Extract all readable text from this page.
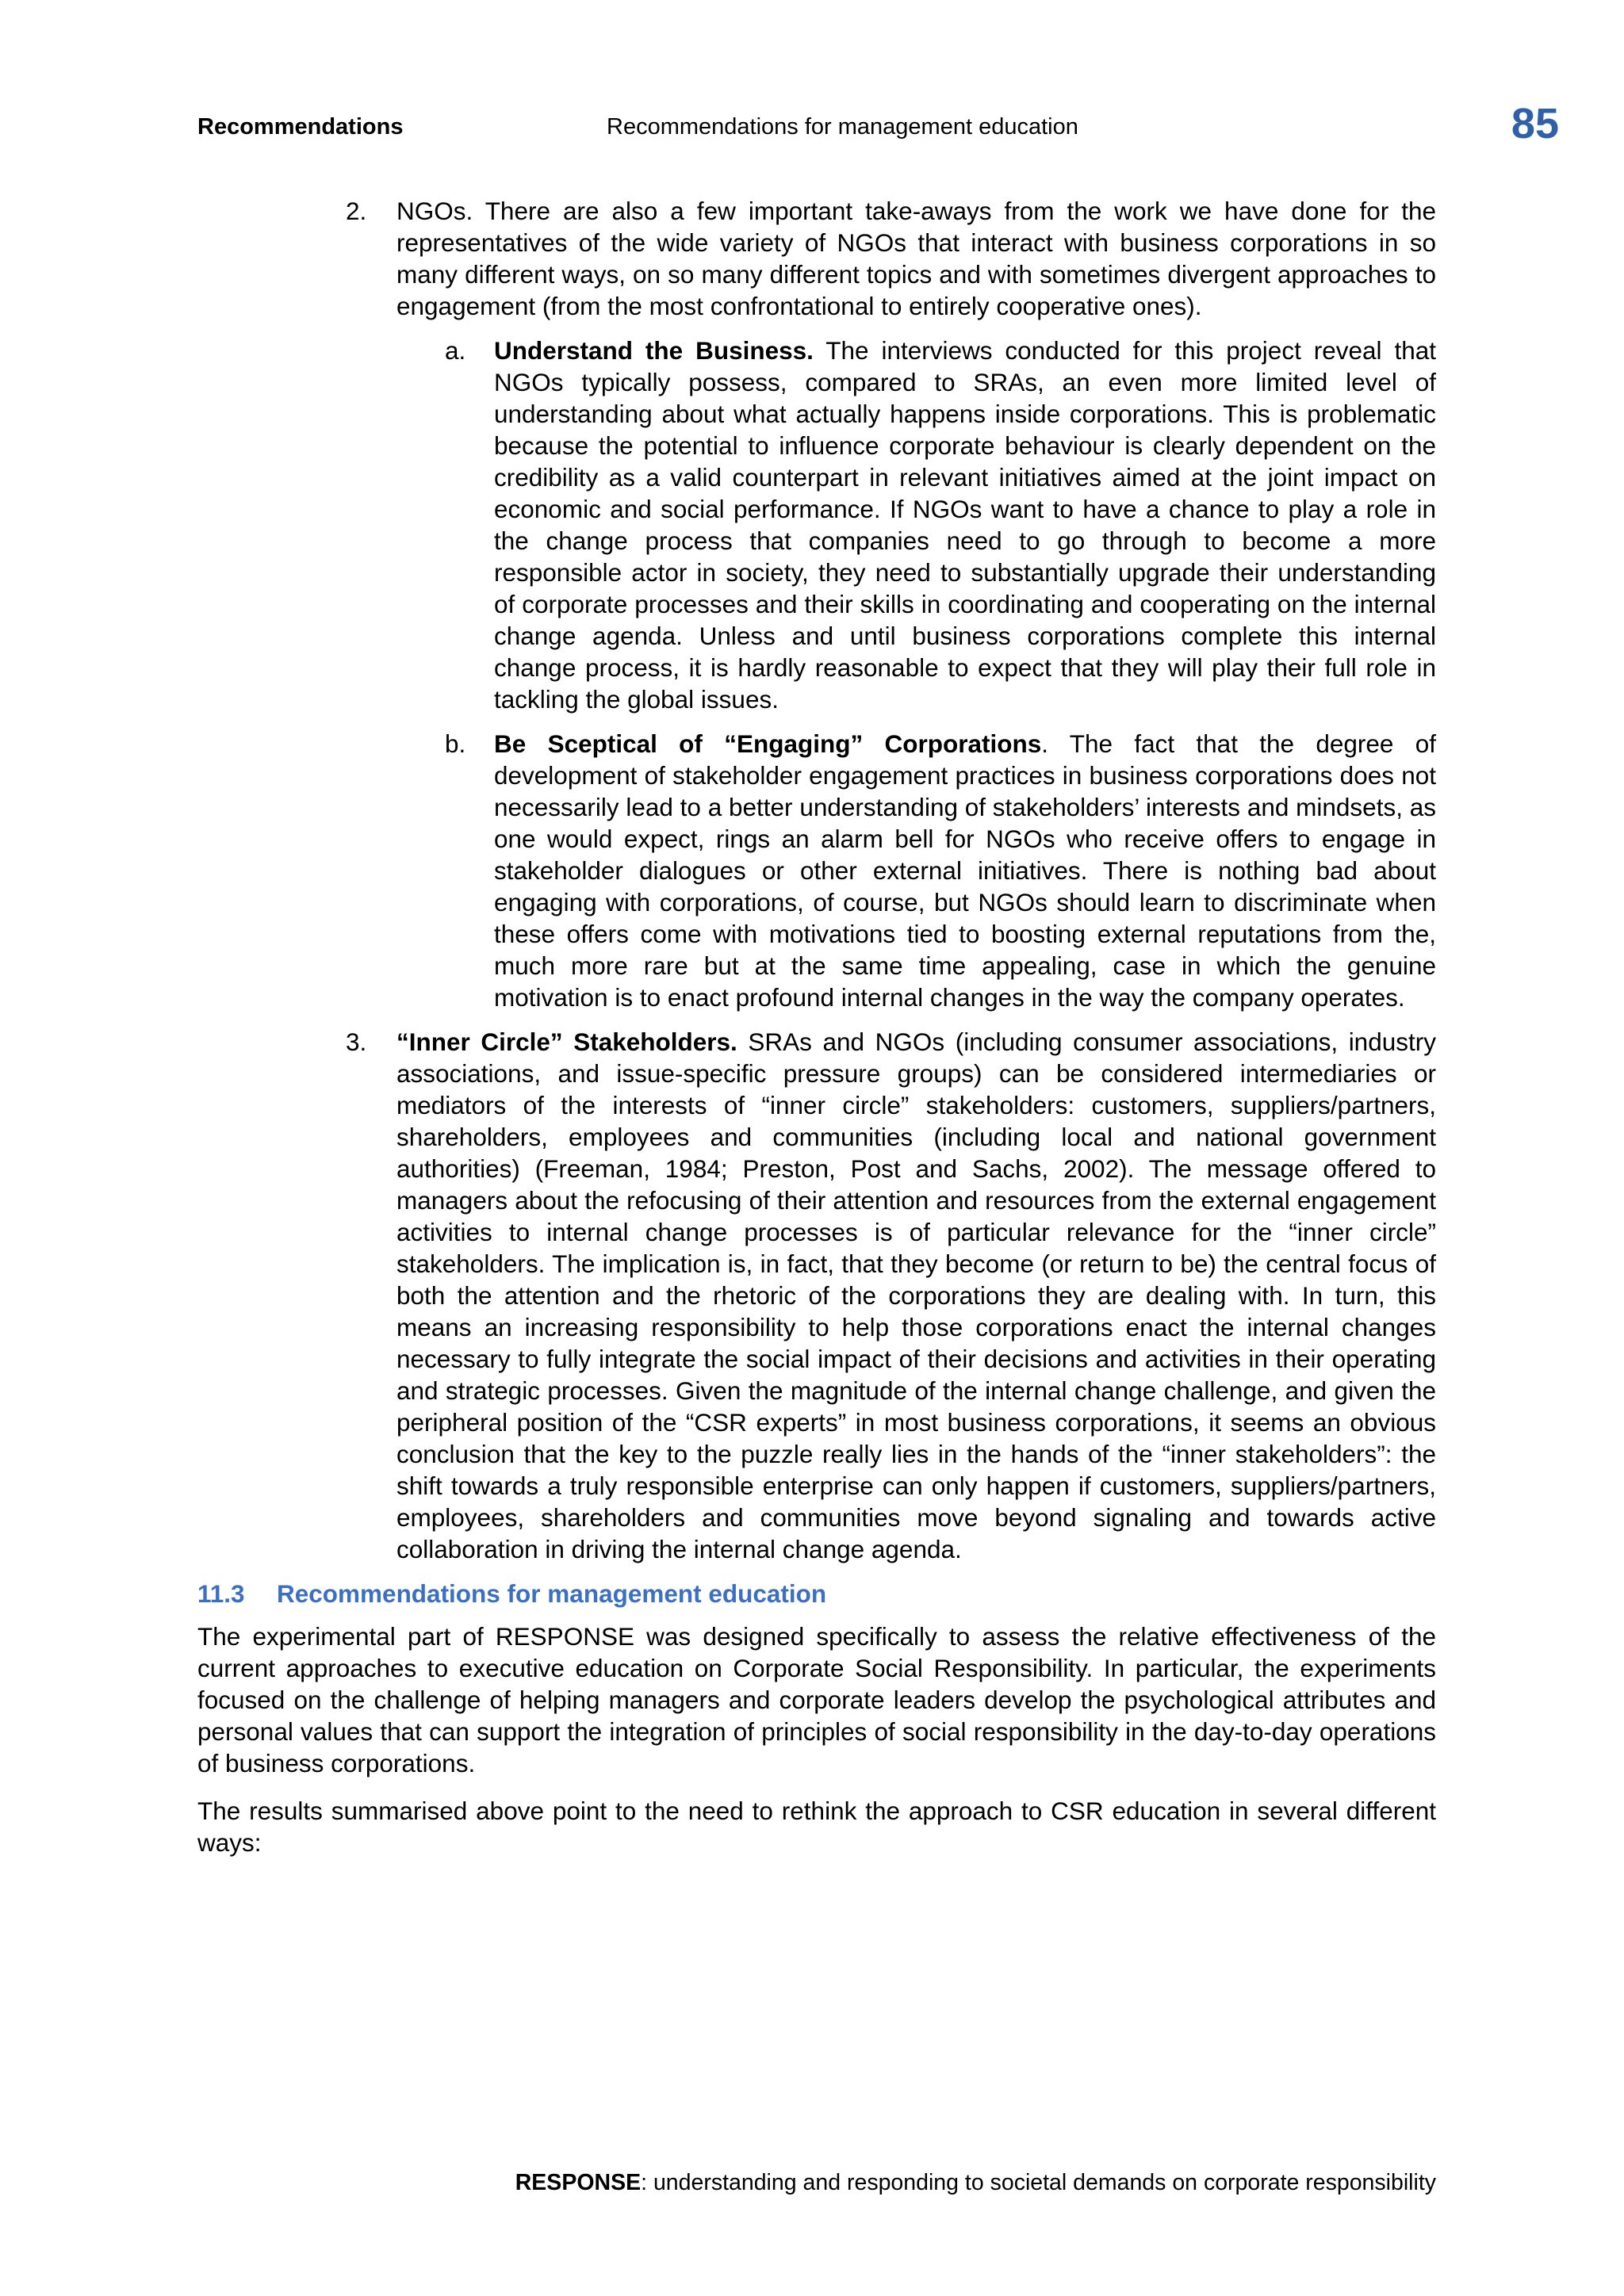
Recommendations	Recommendations for management education	85
2. NGOs. There are also a few important take-aways from the work we have done for the representatives of the wide variety of NGOs that interact with business corporations in so many different ways, on so many different topics and with sometimes divergent approaches to engagement (from the most confrontational to entirely cooperative ones).

a. Understand the Business. The interviews conducted for this project reveal that NGOs typically possess, compared to SRAs, an even more limited level of understanding about what actually happens inside corporations. This is problematic because the potential to influence corporate behaviour is clearly dependent on the credibility as a valid counterpart in relevant initiatives aimed at the joint impact on economic and social performance. If NGOs want to have a chance to play a role in the change process that companies need to go through to become a more responsible actor in society, they need to substantially upgrade their understanding of corporate processes and their skills in coordinating and cooperating on the internal change agenda. Unless and until business corporations complete this internal change process, it is hardly reasonable to expect that they will play their full role in tackling the global issues.

b. Be Sceptical of “Engaging” Corporations. The fact that the degree of development of stakeholder engagement practices in business corporations does not necessarily lead to a better understanding of stakeholders’ interests and mindsets, as one would expect, rings an alarm bell for NGOs who receive offers to engage in stakeholder dialogues or other external initiatives. There is nothing bad about engaging with corporations, of course, but NGOs should learn to discriminate when these offers come with motivations tied to boosting external reputations from the, much more rare but at the same time appealing, case in which the genuine motivation is to enact profound internal changes in the way the company operates.

3. “Inner Circle” Stakeholders. SRAs and NGOs (including consumer associations, industry associations, and issue-specific pressure groups) can be considered intermediaries or mediators of the interests of “inner circle” stakeholders: customers, suppliers/partners, shareholders, employees and communities (including local and national government authorities) (Freeman, 1984; Preston, Post and Sachs, 2002). The message offered to managers about the refocusing of their attention and resources from the external engagement activities to internal change processes is of particular relevance for the “inner circle” stakeholders. The implication is, in fact, that they become (or return to be) the central focus of both the attention and the rhetoric of the corporations they are dealing with. In turn, this means an increasing responsibility to help those corporations enact the internal changes necessary to fully integrate the social impact of their decisions and activities in their operating and strategic processes. Given the magnitude of the internal change challenge, and given the peripheral position of the “CSR experts” in most business corporations, it seems an obvious conclusion that the key to the puzzle really lies in the hands of the “inner stakeholders”: the shift towards a truly responsible enterprise can only happen if customers, suppliers/partners, employees, shareholders and communities move beyond signaling and towards active collaboration in driving the internal change agenda.

11.3 Recommendations for management education

The experimental part of RESPONSE was designed specifically to assess the relative effectiveness of the current approaches to executive education on Corporate Social Responsibility. In particular, the experiments focused on the challenge of helping managers and corporate leaders develop the psychological attributes and personal values that can support the integration of principles of social responsibility in the day-to-day operations of business corporations.

The results summarised above point to the need to rethink the approach to CSR education in several different ways:

RESPONSE: understanding and responding to societal demands on corporate responsibility
